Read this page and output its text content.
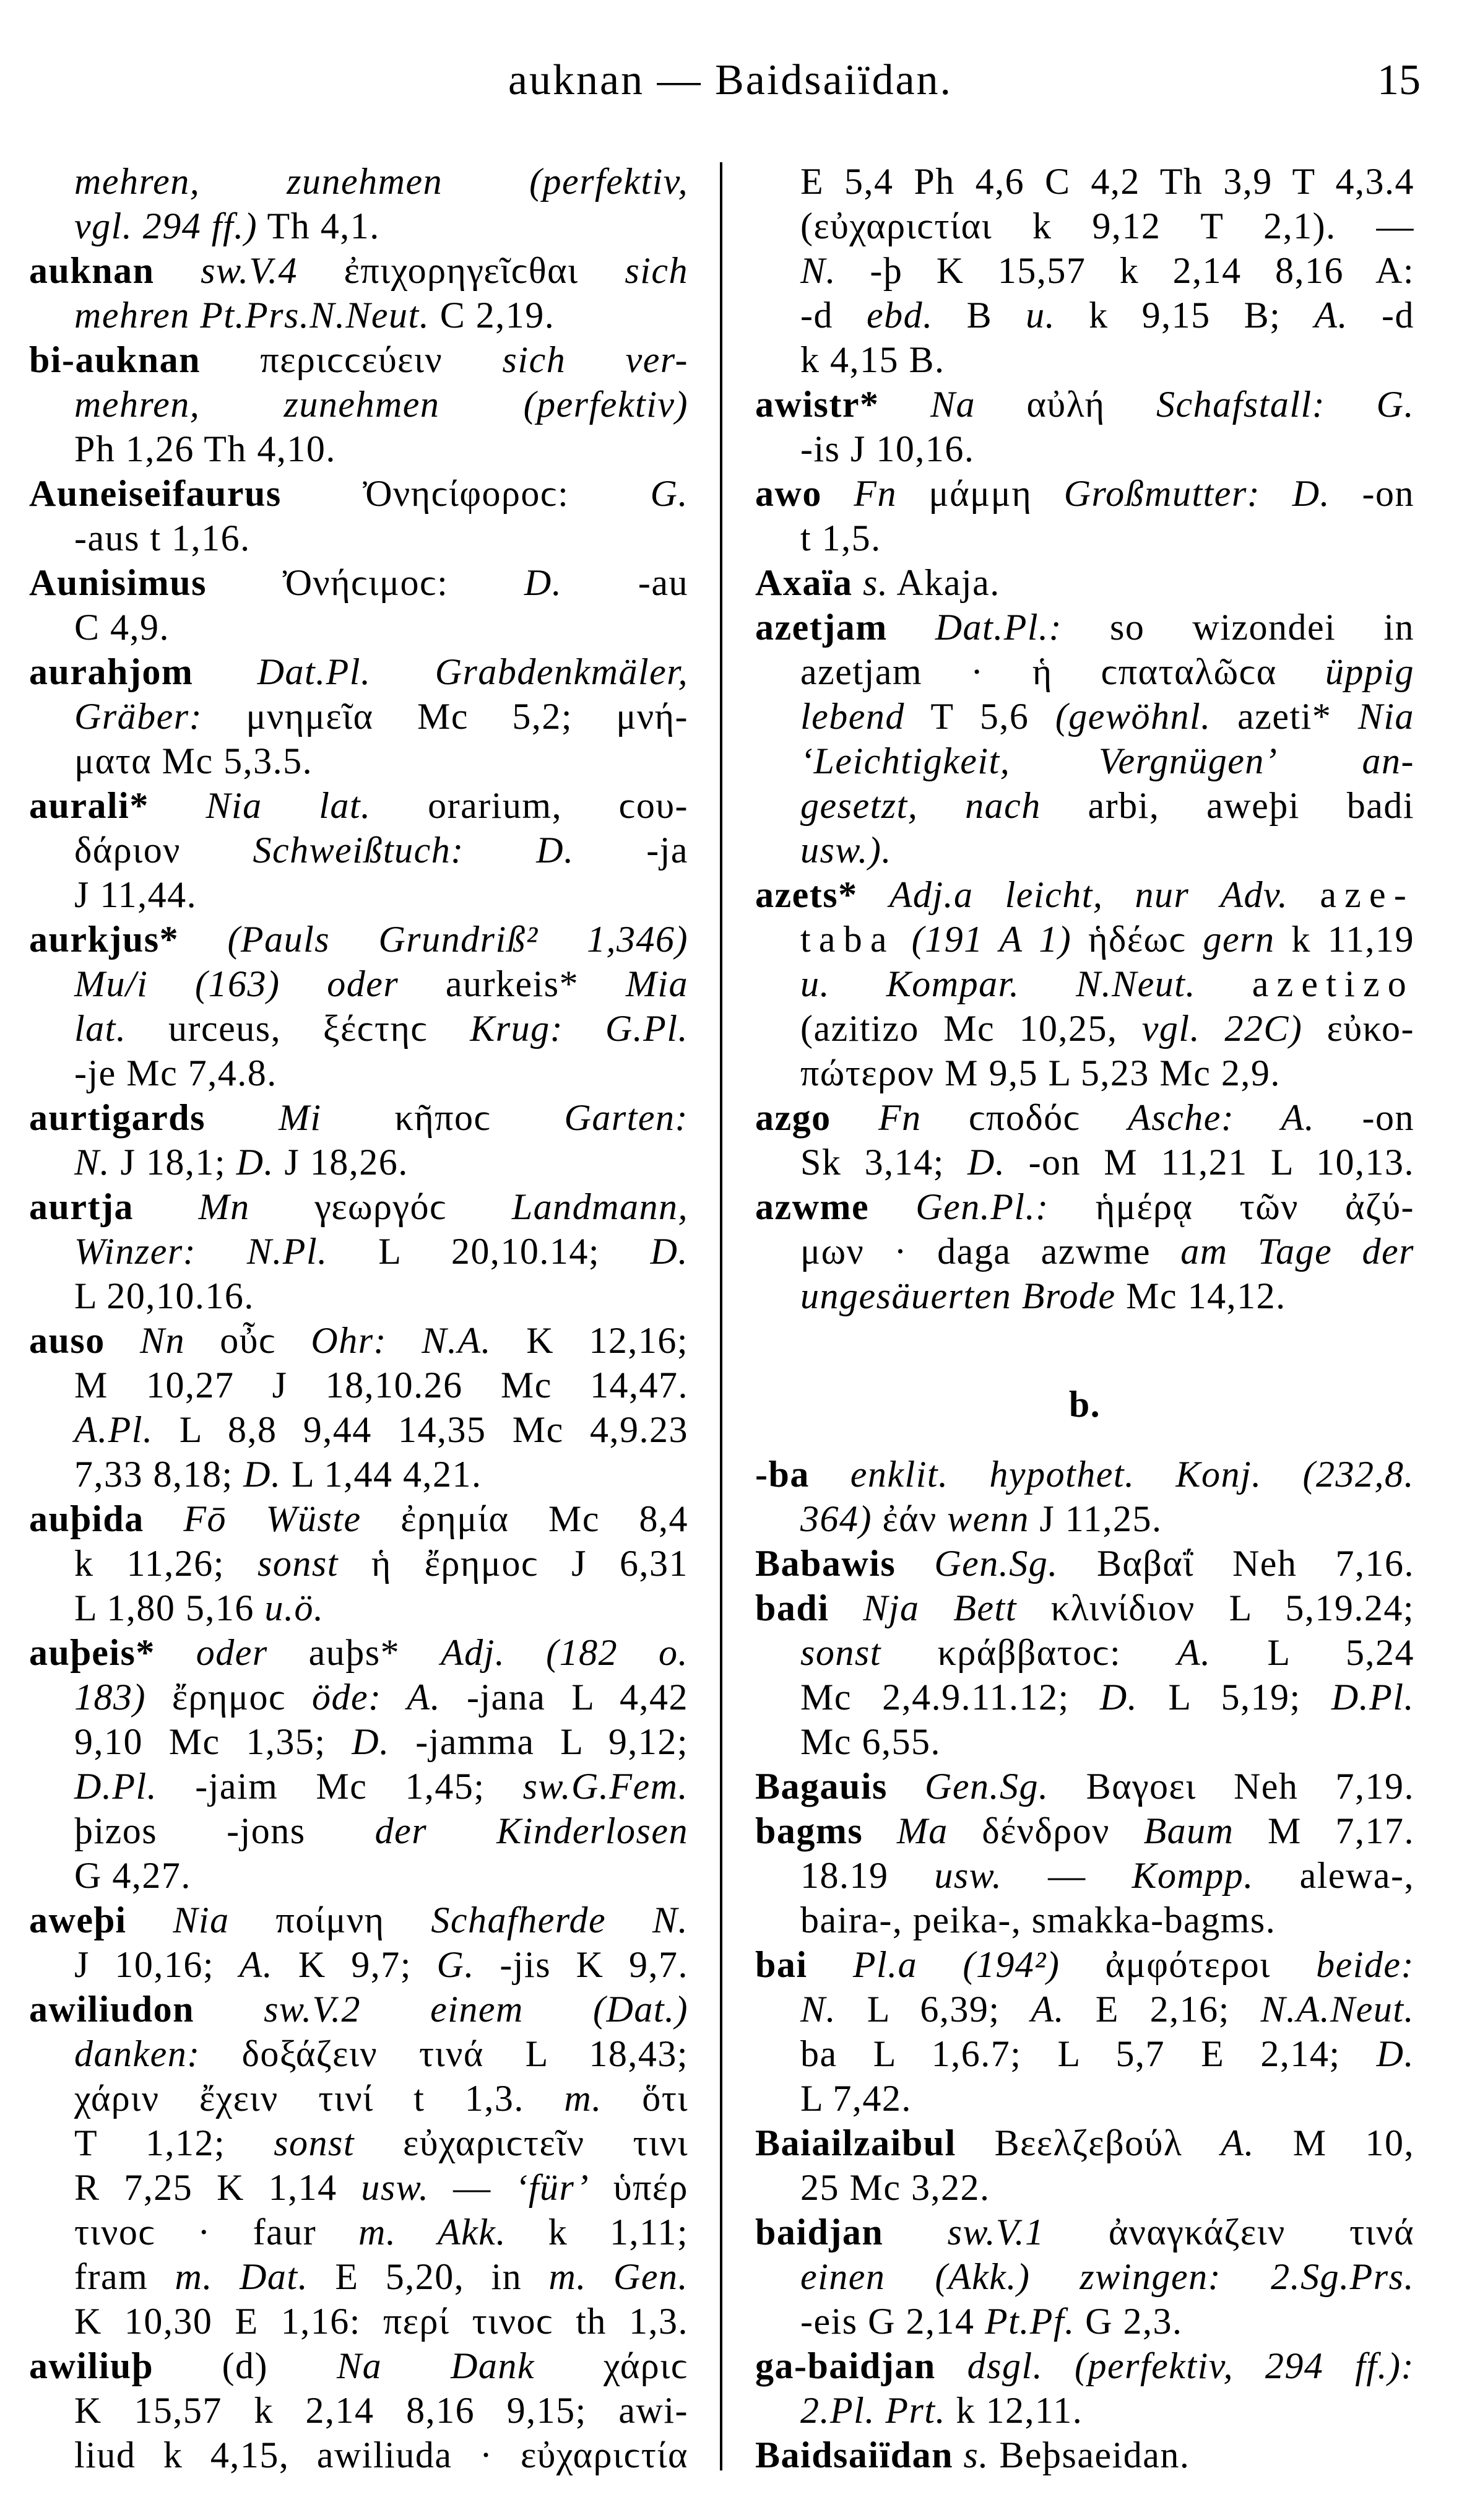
auknan — Baidsaiïdan.	15
mehren, zunehmen (perfektiv,
vgl. 294 ff.) Th 4,1.
auknan sw.V.4 ἐπιχορηγεῖϲθαι sich
mehren Pt.Prs.N.Neut. C 2,19.
bi-auknan περιϲϲεύειν sich ver-
mehren, zunehmen (perfektiv)
Ph 1,26 Th 4,10.
Auneiseifaurus Ὀνηϲίφοροϲ: G.
-aus t 1,16.
Aunisimus Ὀνήϲιμοϲ: D. -au
C 4,9.
aurahjom Dat.Pl. Grabdenkmäler,
Gräber: μνημεῖα Mc 5,2; μνή-
ματα Mc 5,3.5.
aurali* Nia lat. orarium, ϲου-
δάριον Schweißtuch: D. -ja
J 11,44.
aurkjus* (Pauls Grundriß² 1,346)
Mu/i (163) oder aurkeis* Mia
lat. urceus, ξέϲτηϲ Krug: G.Pl.
-je Mc 7,4.8.
aurtigards Mi κῆποϲ Garten:
N. J 18,1; D. J 18,26.
aurtja Mn γεωργόϲ Landmann,
Winzer: N.Pl. L 20,10.14; D.
L 20,10.16.
auso Nn οὖϲ Ohr: N.A. K 12,16;
M 10,27 J 18,10.26 Mc 14,47.
A.Pl. L 8,8 9,44 14,35 Mc 4,9.23
7,33 8,18; D. L 1,44 4,21.
auþida Fō Wüste ἐρημία Mc 8,4
k 11,26; sonst ἡ ἔρημοϲ J 6,31
L 1,80 5,16 u.ö.
auþeis* oder auþs* Adj. (182 o.
183) ἔρημοϲ öde: A. -jana L 4,42
9,10 Mc 1,35; D. -jamma L 9,12;
D.Pl. -jaim Mc 1,45; sw.G.Fem.
þizos -jons der Kinderlosen
G 4,27.
aweþi Nia ποίμνη Schafherde N.
J 10,16; A. K 9,7; G. -jis K 9,7.
awiliudon sw.V.2 einem (Dat.)
danken: δοξάζειν τινά L 18,43;
χάριν ἔχειν τινί t 1,3. m. ὅτι
T 1,12; sonst εὐχαριϲτεῖν τινι
R 7,25 K 1,14 usw. — ‘für’ ὑπέρ
τινοϲ · faur m. Akk. k 1,11;
fram m. Dat. E 5,20, in m. Gen.
K 10,30 E 1,16: περί τινοϲ th 1,3.
awiliuþ (d) Na Dank χάριϲ
K 15,57 k 2,14 8,16 9,15; awi-
liud k 4,15, awiliuda · εὐχαριϲτία
E 5,4 Ph 4,6 C 4,2 Th 3,9 T 4,3.4
(εὐχαριϲτίαι k 9,12 T 2,1). —
N. -þ K 15,57 k 2,14 8,16 A:
-d ebd. B u. k 9,15 B; A. -d
k 4,15 B.
awistr* Na αὐλή Schafstall: G.
-is J 10,16.
awo Fn μάμμη Großmutter: D. -on
t 1,5.
Axaïa s. Akaja.
azetjam Dat.Pl.: so wizondei in
azetjam · ἡ ϲπαταλῶϲα üppig
lebend T 5,6 (gewöhnl. azeti* Nia
‘Leichtigkeit, Vergnügen’ an-
gesetzt, nach arbi, aweþi badi
usw.).
azets* Adj.a leicht, nur Adv. aze-
taba (191 A 1) ἡδέωϲ gern k 11,19
u. Kompar. N.Neut. azetizo
(azitizo Mc 10,25, vgl. 22C) εὐκο-
πώτερον M 9,5 L 5,23 Mc 2,9.
azgo Fn ϲποδόϲ Asche: A. -on
Sk 3,14; D. -on M 11,21 L 10,13.
azwme Gen.Pl.: ἡμέρᾳ τῶν ἀζύ-
μων · daga azwme am Tage der
ungesäuerten Brode Mc 14,12.
b.
-ba enklit. hypothet. Konj. (232,8.
364) ἐάν wenn J 11,25.
Babawis Gen.Sg. Βαβαΐ Neh 7,16.
badi Nja Bett κλινίδιον L 5,19.24;
sonst κράββατοϲ: A. L 5,24
Mc 2,4.9.11.12; D. L 5,19; D.Pl.
Mc 6,55.
Bagauis Gen.Sg. Βαγοει Neh 7,19.
bagms Ma δένδρον Baum M 7,17.
18.19 usw. — Kompp. alewa-,
baira-, peika-, smakka-bagms.
bai Pl.a (194²) ἀμφότεροι beide:
N. L 6,39; A. E 2,16; N.A.Neut.
ba L 1,6.7; L 5,7 E 2,14; D.
L 7,42.
Baiailzaibul Βεελζεβούλ A. M 10,
25 Mc 3,22.
baidjan sw.V.1 ἀναγκάζειν τινά
einen (Akk.) zwingen: 2.Sg.Prs.
-eis G 2,14 Pt.Pf. G 2,3.
ga-baidjan dsgl. (perfektiv, 294 ff.):
2.Pl. Prt. k 12,11.
Baidsaiïdan s. Beþsaeidan.
